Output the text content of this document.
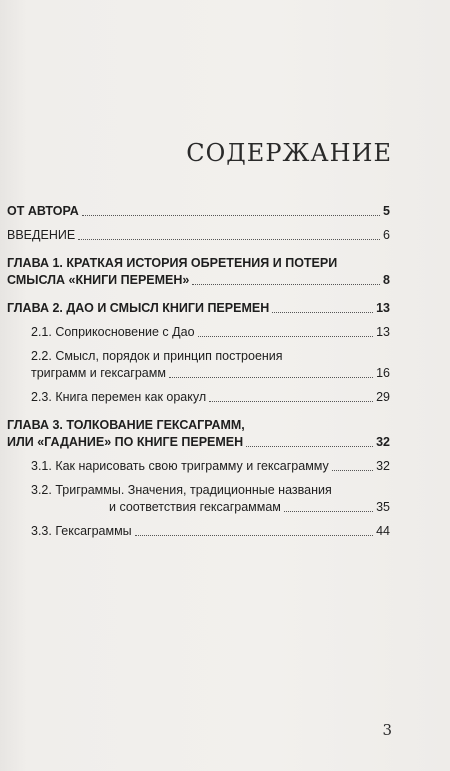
СОДЕРЖАНИЕ
ОТ АВТОРА	5
ВВЕДЕНИЕ	6
ГЛАВА 1. КРАТКАЯ ИСТОРИЯ ОБРЕТЕНИЯ И ПОТЕРИ
СМЫСЛА «КНИГИ ПЕРЕМЕН»	8
ГЛАВА 2. ДАО И СМЫСЛ КНИГИ ПЕРЕМЕН	13
2.1. Соприкосновение с Дао	13
2.2. Смысл, порядок и принцип построения
триграмм и гексаграмм	16
2.3. Книга перемен как оракул	29
ГЛАВА 3. ТОЛКОВАНИЕ ГЕКСАГРАММ,
ИЛИ «ГАДАНИЕ» ПО КНИГЕ ПЕРЕМЕН	32
3.1. Как нарисовать свою триграмму и гексаграмму	32
3.2. Триграммы. Значения, традиционные названия
и соответствия гексаграммам	35
3.3. Гексаграммы	44
3
